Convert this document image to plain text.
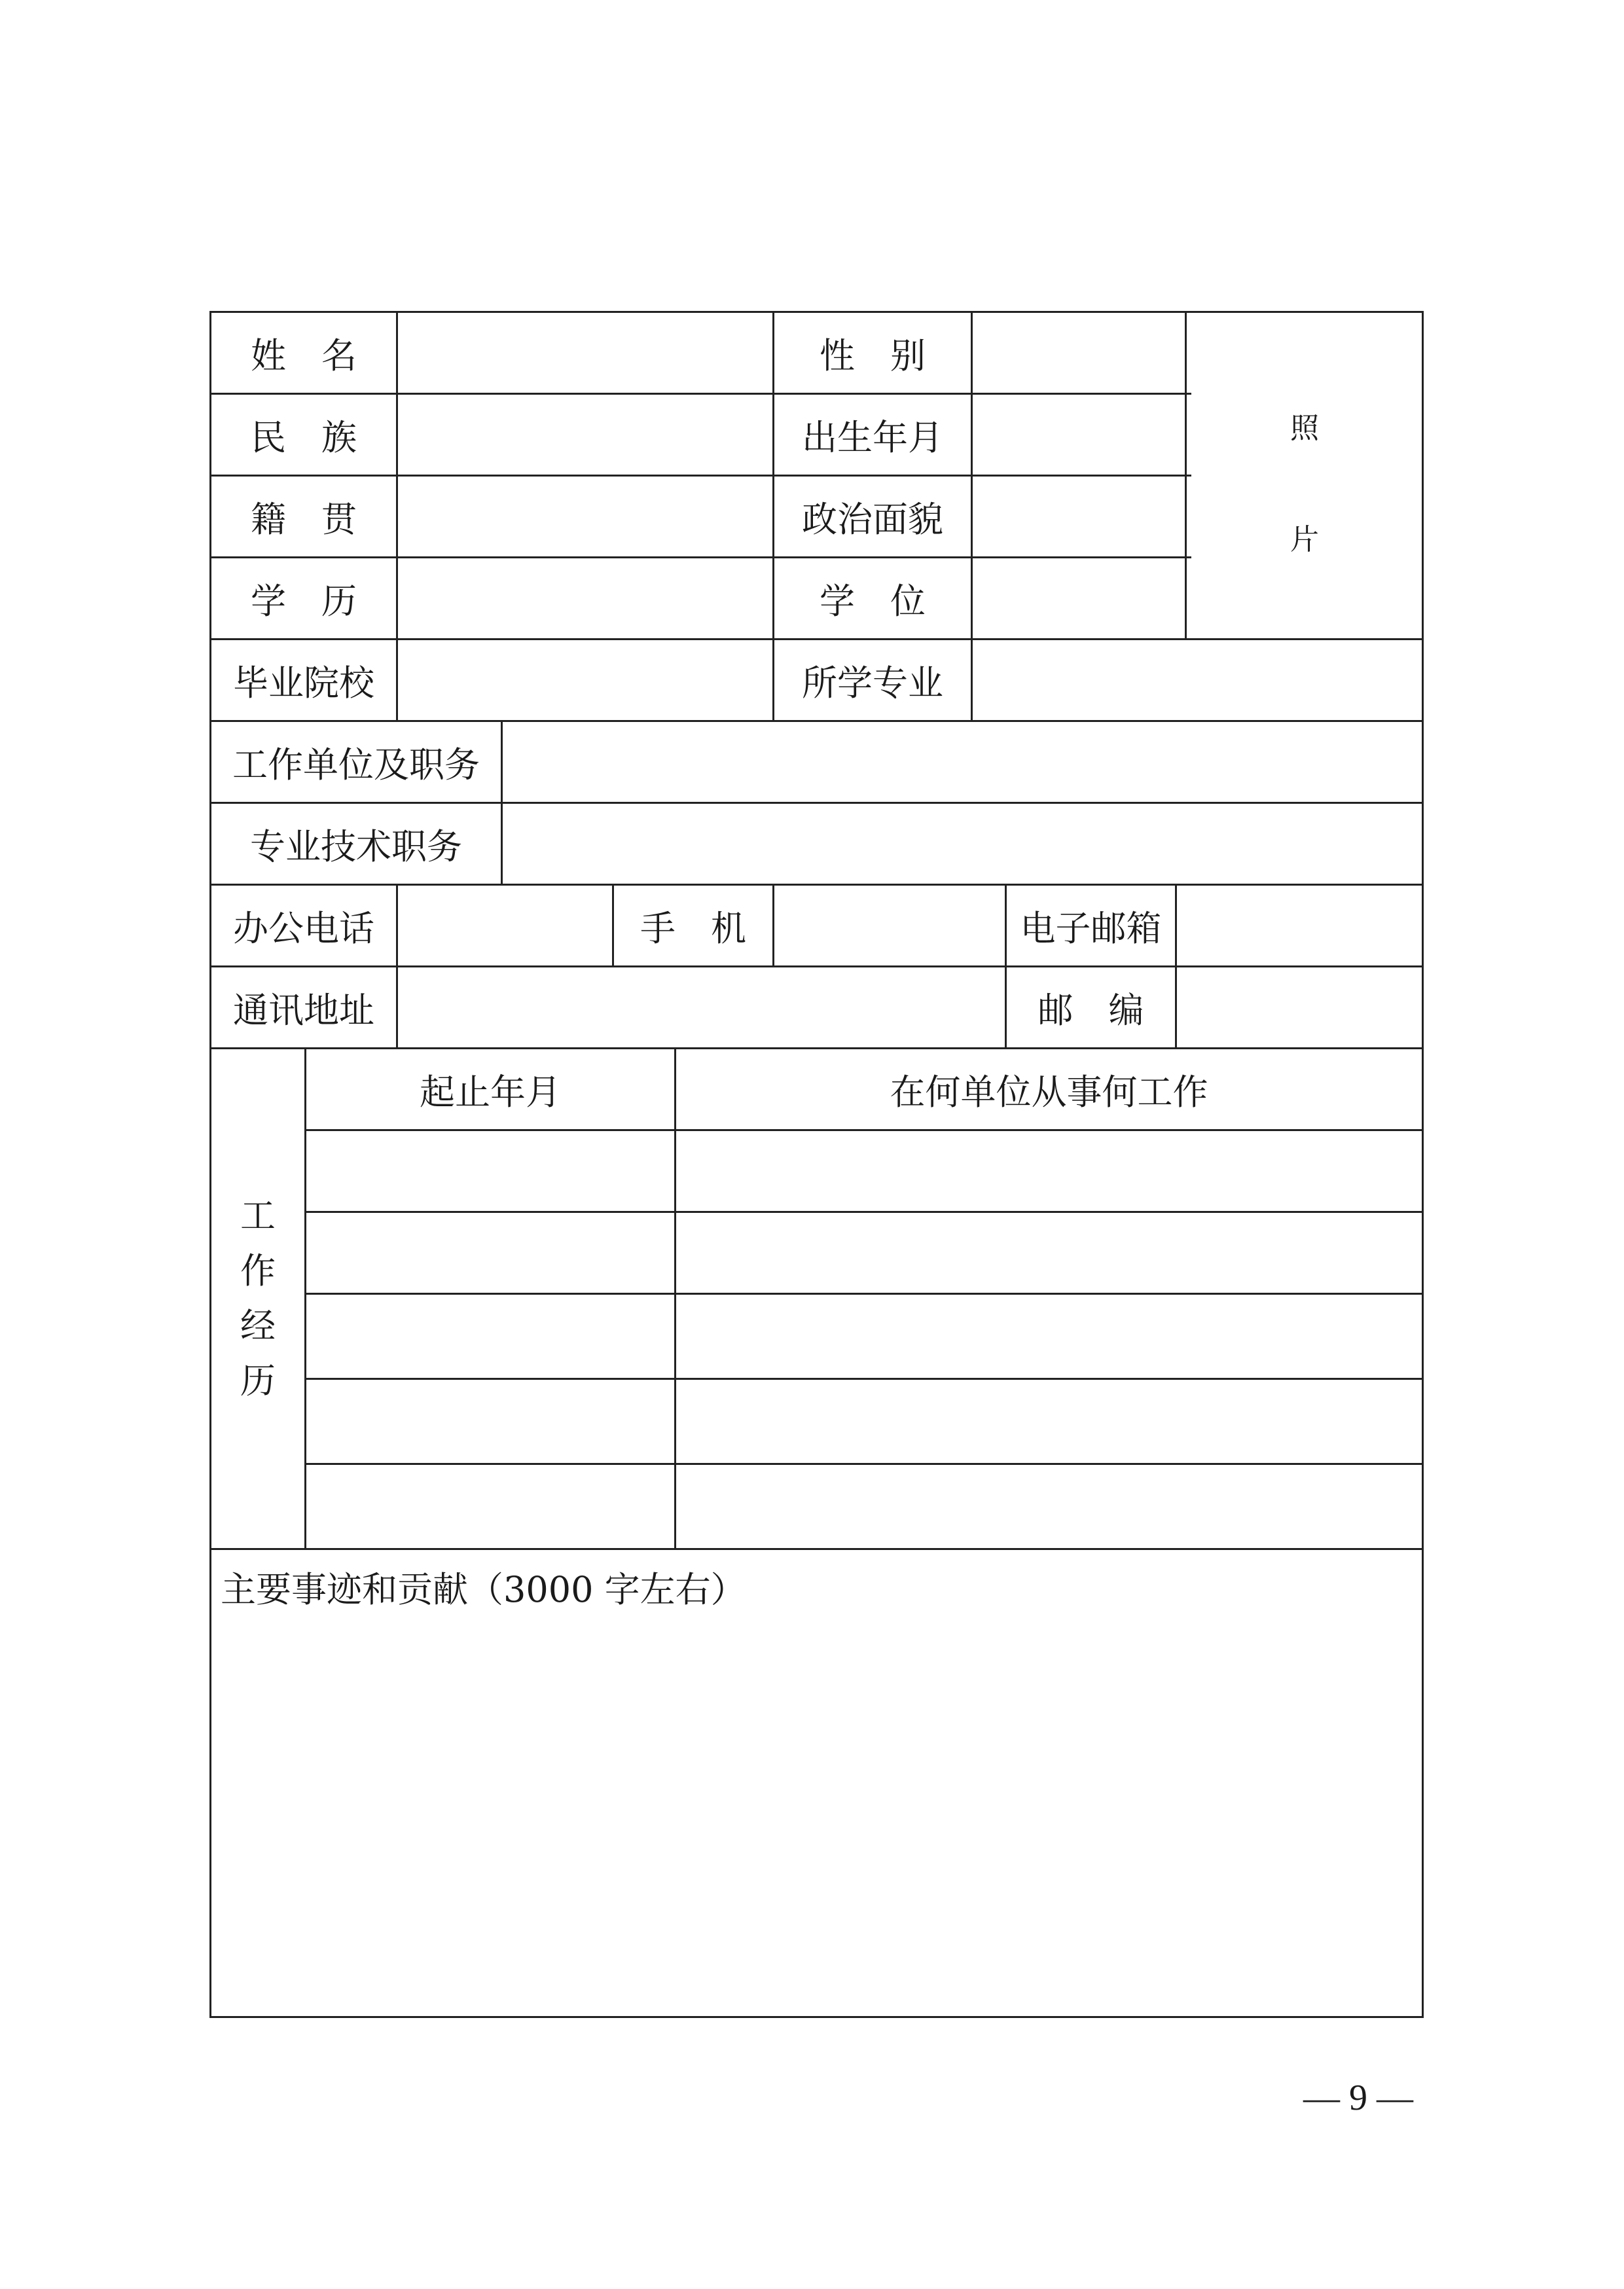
姓　名	性　别
照
片
民　族	出生年月
籍　贯	政治面貌
学　历	学　位
毕业院校	所学专业
工作单位及职务
专业技术职务
办公电话	手　机	电子邮箱
通讯地址	邮　编
工
作
经
历
起止年月	在何单位从事何工作
主要事迹和贡献（3000 字左右）
— 9 —
